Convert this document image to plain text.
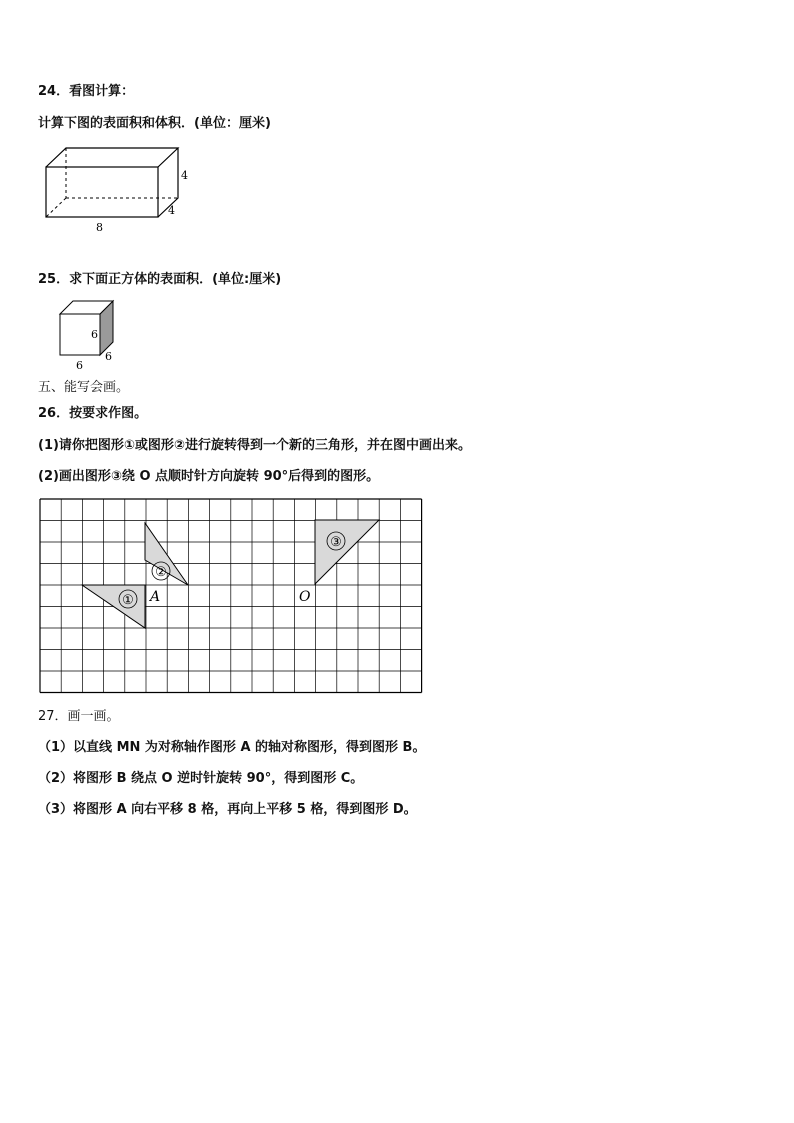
24．看图计算：
计算下图的表面积和体积．(单位：厘米)
4
4
8
25．求下面正方体的表面积．(单位:厘米)
6
6
6
五、能写会画。
26．按要求作图。
(1)请你把图形①或图形②进行旋转得到一个新的三角形，并在图中画出来。
(2)画出图形③绕 O 点顺时针方向旋转 90°后得到的图形。
①
②
③
A	O
27．画一画。
（1）以直线 MN 为对称轴作图形 A 的轴对称图形，得到图形 B。
（2）将图形 B 绕点 O 逆时针旋转 90°，得到图形 C。
（3）将图形 A 向右平移 8 格，再向上平移 5 格，得到图形 D。
